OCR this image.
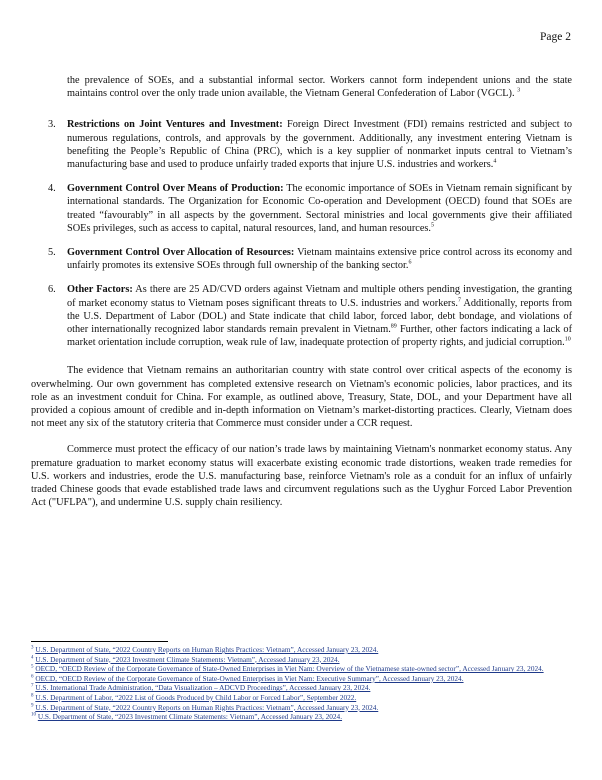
Page 2

the prevalence of SOEs, and a substantial informal sector. Workers cannot form independent unions and the state maintains control over the only trade union available, the Vietnam General Confederation of Labor (VGCL). $^3$

3. Restrictions on Joint Ventures and Investment: Foreign Direct Investment (FDI) remains restricted and subject to numerous regulations, controls, and approvals by the government. Additionally, any investment entering Vietnam is benefiting the People’s Republic of China (PRC), which is a key supplier of nonmarket inputs central to Vietnam’s manufacturing base and used to produce unfairly traded exports that injure U.S. industries and workers.$^4$
4. Government Control Over Means of Production: The economic importance of SOEs in Vietnam remain significant by international standards. The Organization for Economic Co-operation and Development (OECD) found that SOEs are treated “favourably” in all aspects by the government. Sectoral ministries and local governments give their affiliated SOEs privileges, such as access to capital, natural resources, land, and human resources.$^5$
5. Government Control Over Allocation of Resources: Vietnam maintains extensive price control across its economy and unfairly promotes its extensive SOEs through full ownership of the banking sector.$^6$
6. Other Factors: As there are 25 AD/CVD orders against Vietnam and multiple others pending investigation, the granting of market economy status to Vietnam poses significant threats to U.S. industries and workers.$^7$ Additionally, reports from the U.S. Department of Labor (DOL) and State indicate that child labor, forced labor, debt bondage, and violations of other internationally recognized labor standards remain prevalent in Vietnam.$^{89}$ Further, other factors indicating a lack of market orientation include corruption, weak rule of law, inadequate protection of property rights, and judicial corruption.$^{10}$

The evidence that Vietnam remains an authoritarian country with state control over critical aspects of the economy is overwhelming. Our own government has completed extensive research on Vietnam's economic policies, labor practices, and its role as an investment conduit for China. For example, as outlined above, Treasury, State, DOL, and your Department have all provided a copious amount of credible and in-depth information on Vietnam’s market-distorting practices. Clearly, Vietnam does not meet any six of the statutory criteria that Commerce must consider under a CCR request.

Commerce must protect the efficacy of our nation’s trade laws by maintaining Vietnam's nonmarket economy status. Any premature graduation to market economy status will exacerbate existing economic trade distortions, weaken trade remedies for U.S. workers and industries, erode the U.S. manufacturing base, reinforce Vietnam's role as a conduit for an influx of unfairly traded Chinese goods that evade established trade laws and circumvent regulations such as the Uyghur Forced Labor Prevention Act ("UFLPA"), and undermine U.S. supply chain resiliency.

$^3$ U.S. Department of State, “2022 Country Reports on Human Rights Practices: Vietnam”, Accessed January 23, 2024.
$^4$ U.S. Department of State, “2023 Investment Climate Statements: Vietnam”, Accessed January 23, 2024.
$^5$ OECD, “OECD Review of the Corporate Governance of State-Owned Enterprises in Viet Nam: Overview of the Vietnamese state-owned sector”, Accessed January 23, 2024.
$^6$ OECD, “OECD Review of the Corporate Governance of State-Owned Enterprises in Viet Nam: Executive Summary”, Accessed January 23, 2024.
$^7$ U.S. International Trade Administration, “Data Visualization – ADCVD Proceedings”, Accessed January 23, 2024.
$^8$ U.S. Department of Labor, “2022 List of Goods Produced by Child Labor or Forced Labor”, September 2022.
$^9$ U.S. Department of State, “2022 Country Reports on Human Rights Practices: Vietnam”, Accessed January 23, 2024.
$^{10}$ U.S. Department of State, “2023 Investment Climate Statements: Vietnam”, Accessed January 23, 2024.
